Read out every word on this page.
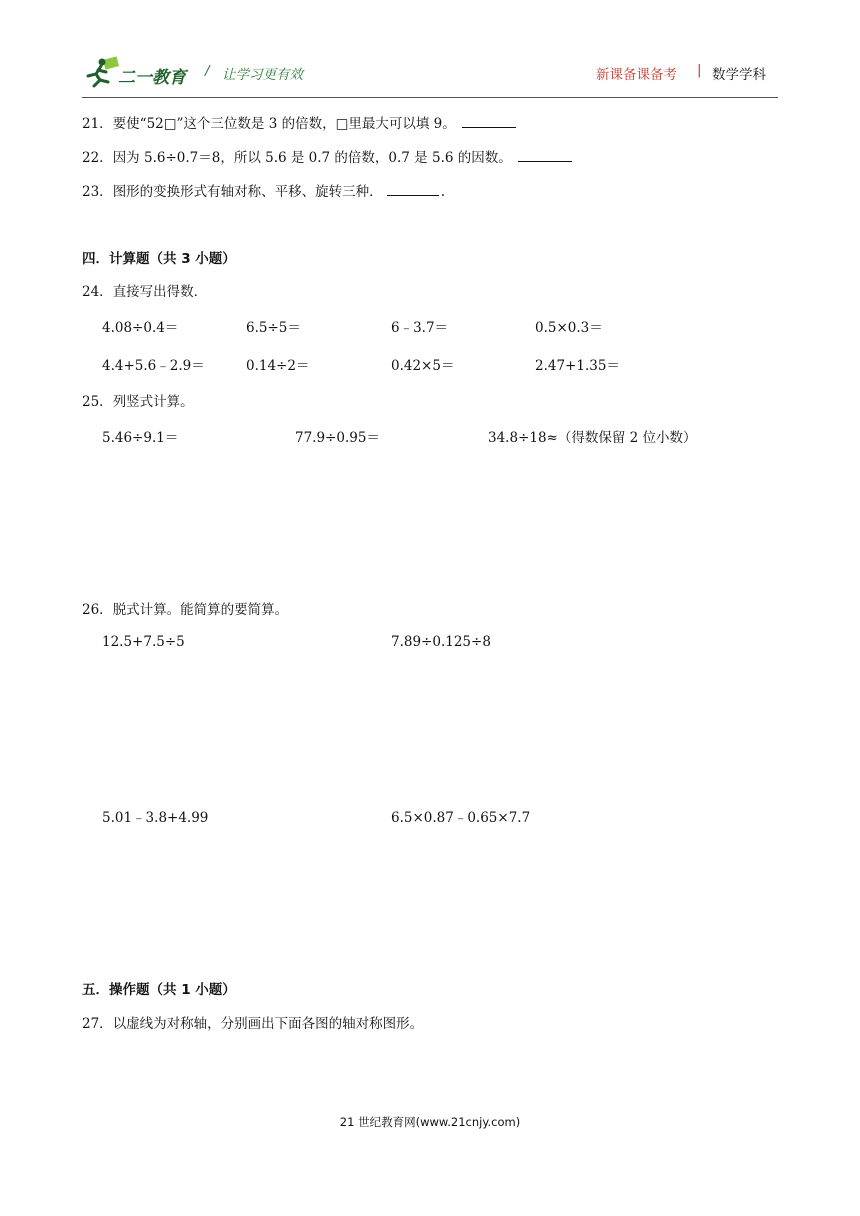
二一教育 / 让学习更有效	新课备课备考 | 数学学科
21．要使“52□”这个三位数是 3 的倍数，□里最大可以填 9。
22．因为 5.6÷0.7＝8，所以 5.6 是 0.7 的倍数，0.7 是 5.6 的因数。
23．图形的变换形式有轴对称、平移、旋转三种．	.
四．计算题（共 3 小题）
24．直接写出得数．
4.08÷0.4＝	6.5÷5＝	6﹣3.7＝	0.5×0.3＝
4.4+5.6﹣2.9＝	0.14÷2＝	0.42×5＝	2.47+1.35＝
25．列竖式计算。
5.46÷9.1＝	77.9÷0.95＝	34.8÷18≈（得数保留 2 位小数）
26．脱式计算。能简算的要简算。
12.5+7.5÷5	7.89÷0.125÷8
5.01﹣3.8+4.99	6.5×0.87﹣0.65×7.7
五．操作题（共 1 小题）
27．以虚线为对称轴，分别画出下面各图的轴对称图形。
21 世纪教育网(www.21cnjy.com)
